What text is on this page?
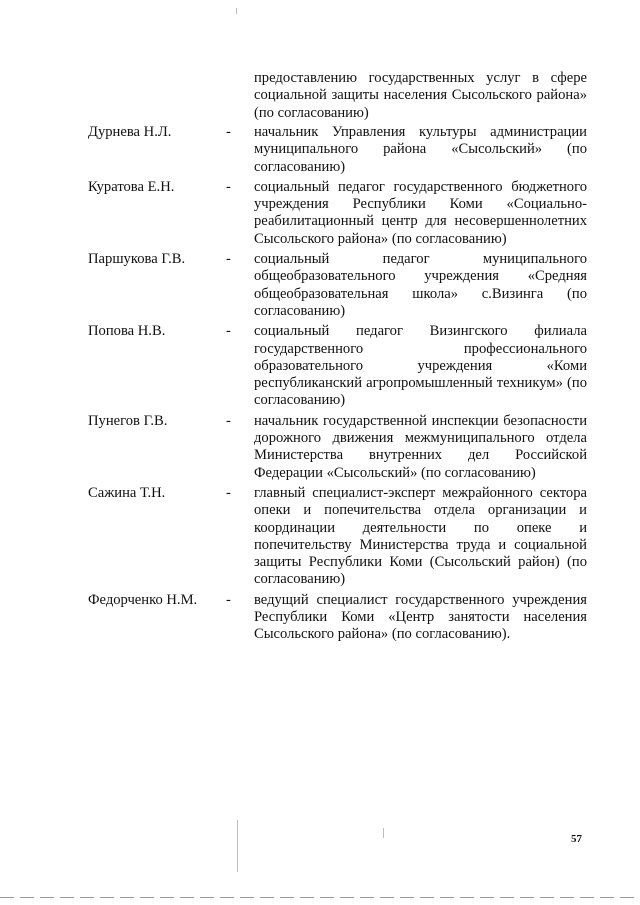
предоставлению государственных услуг в сфере социальной защиты населения Сысольского района» (по согласованию)
Дурнева Н.Л.	- начальник Управления культуры администрации муниципального района «Сысольский» (по согласованию)
Куратова Е.Н.	- социальный педагог государственного бюджетного учреждения Республики Коми «Социально-реабилитационный центр для несовершеннолетних Сысольского района» (по согласованию)
Паршукова Г.В.	- социальный педагог муниципального общеобразовательного учреждения «Средняя общеобразовательная школа» с.Визинга (по согласованию)
Попова Н.В.	- социальный педагог Визингского филиала государственного профессионального образовательного учреждения «Коми республиканский агропромышленный техникум» (по согласованию)
Пунегов Г.В.	- начальник государственной инспекции безопасности дорожного движения межмуниципального отдела Министерства внутренних дел Российской Федерации «Сысольский» (по согласованию)
Сажина Т.Н.	- главный специалист-эксперт межрайонного сектора опеки и попечительства отдела организации и координации деятельности по опеке и попечительству Министерства труда и социальной защиты Республики Коми (Сысольский район) (по согласованию)
Федорченко Н.М. - ведущий специалист государственного учреждения Республики Коми «Центр занятости населения Сысольского района» (по согласованию).
57
